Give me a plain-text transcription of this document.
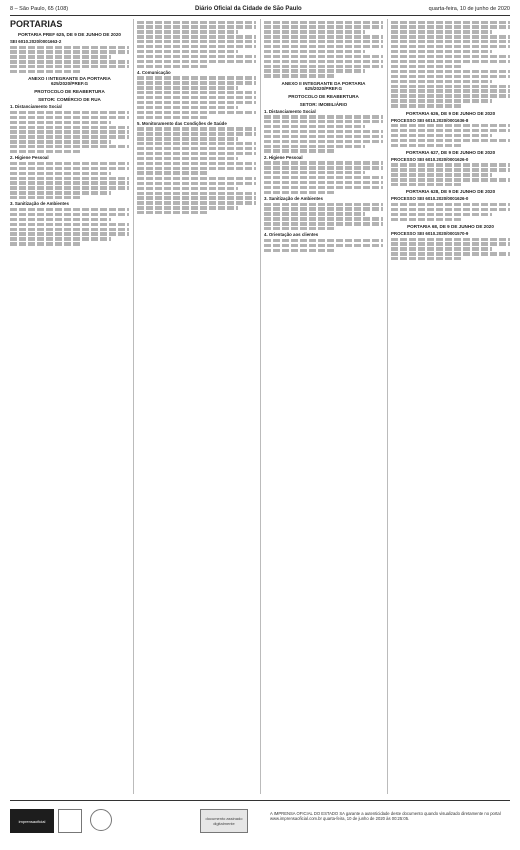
8 – São Paulo, 65 (108)	Diário Oficial da Cidade de São Paulo	quarta-feira, 10 de junho de 2020
PORTARIAS
PORTARIA PREF 625, DE 9 DE JUNHO DE 2020
SEI 6010.2020/0001663-2
ANEXO I INTEGRANTE DA PORTARIA 625/2020/PREF.G
PROTOCOLO DE REABERTURA
SETOR: COMÉRCIO DE RUA
1. Distanciamento Social
2. Higiene Pessoal
3. Sanitização de Ambientes
4. Comunicação
5. Monitoramento das Condições de Saúde
ANEXO II INTEGRANTE DA PORTARIA 625/2020/PREF.G
PROTOCOLO DE REABERTURA
SETOR: IMOBILIÁRIO
1. Distanciamento Social
2. Higiene Pessoal
3. Sanitização de Ambientes
4. Orientação aos clientes
PORTARIA 626, DE 9 DE JUNHO DE 2020
PROCESSO SEI 6010.2020/0001636-8
PORTARIA 627, DE 9 DE JUNHO DE 2020
PROCESSO SEI 6010.2020/0001626-0
PORTARIA 628, DE 9 DE JUNHO DE 2020
PROCESSO SEI 6010.2020/0001626-0
PORTARIA 68, DE 9 DE JUNHO DE 2020
PROCESSO SEI 6010.2020/0001570-9
imprensaoficial	documento assinado digitalmente
A IMPRENSA OFICIAL DO ESTADO SA garante a autenticidade deste documento quando visualizado diretamente no portal www.imprensaoficial.com.br quarta-feira, 10 de junho de 2020 às 00:25:05.
